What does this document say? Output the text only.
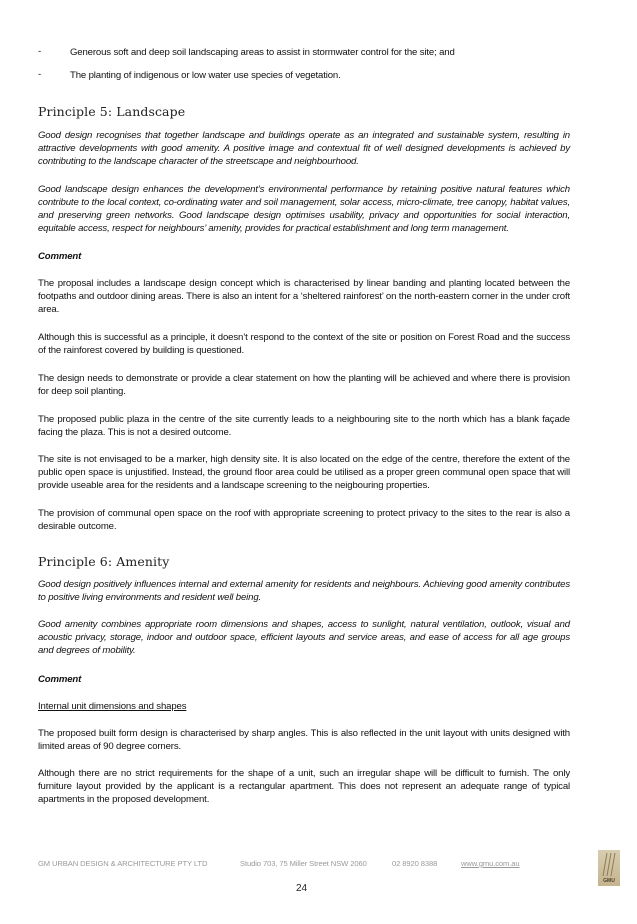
-	Generous soft and deep soil landscaping areas to assist in stormwater control for the site; and
-	The planting of indigenous or low water use species of vegetation.
Principle 5: Landscape
Good design recognises that together landscape and buildings operate as an integrated and sustainable system, resulting in attractive developments with good amenity. A positive image and contextual fit of well designed developments is achieved by contributing to the landscape character of the streetscape and neighbourhood.
Good landscape design enhances the development’s environmental performance by retaining positive natural features which contribute to the local context, co-ordinating water and soil management, solar access, micro-climate, tree canopy, habitat values, and preserving green networks. Good landscape design optimises usability, privacy and opportunities for social interaction, equitable access, respect for neighbours’ amenity, provides for practical establishment and long term management.
Comment
The proposal includes a landscape design concept which is characterised by linear banding and planting located between the footpaths and outdoor dining areas. There is also an intent for a ‘sheltered rainforest’ on the north-eastern corner in the under croft area.
Although this is successful as a principle, it doesn’t respond to the context of the site or position on Forest Road and the success of the rainforest covered by building is questioned.
The design needs to demonstrate or provide a clear statement on how the planting will be achieved and where there is provision for deep soil planting.
The proposed public plaza in the centre of the site currently leads to a neighbouring site to the north which has a blank façade facing the plaza. This is not a desired outcome.
The site is not envisaged to be a marker, high density site. It is also located on the edge of the centre, therefore the extent of the public open space is unjustified. Instead, the ground floor area could be utilised as a proper green communal open space that will provide useable area for the residents and a landscape screening to the neigbouring properties.
The provision of communal open space on the roof with appropriate screening to protect privacy to the sites to the rear is also a desirable outcome.
Principle 6: Amenity
Good design positively influences internal and external amenity for residents and neighbours. Achieving good amenity contributes to positive living environments and resident well being.
Good amenity combines appropriate room dimensions and shapes, access to sunlight, natural ventilation, outlook, visual and acoustic privacy, storage, indoor and outdoor space, efficient layouts and service areas, and ease of access for all age groups and degrees of mobility.
Comment
Internal unit dimensions and shapes
The proposed built form design is characterised by sharp angles. This is also reflected in the unit layout with units designed with limited areas of 90 degree corners.
Although there are no strict requirements for the shape of a unit, such an irregular shape will be difficult to furnish. The only furniture layout provided by the applicant is a rectangular apartment. This does not represent an adequate range of typical apartments in the proposed development.
GM URBAN DESIGN & ARCHITECTURE PTY LTD	Studio 703, 75 Miller Street NSW 2060	02 8920 8388	www.gmu.com.au
24
GMU
